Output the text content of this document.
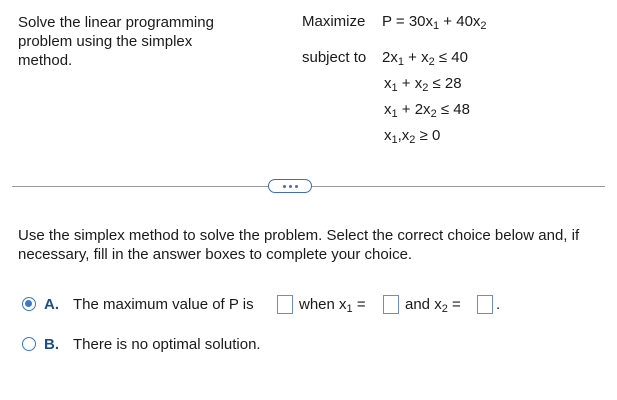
Solve the linear programming problem using the simplex method.
Maximize $P = 30x_1 + 40x_2$
subject to $2x_1 + x_2 \le 40$
$x_1 + x_2 \le 28$
$x_1 + 2x_2 \le 48$
$x_1,x_2 \ge 0$
Use the simplex method to solve the problem. Select the correct choice below and, if necessary, fill in the answer boxes to complete your choice.
A. The maximum value of P is	when $x_1$ =	and $x_2$ = .
B. There is no optimal solution.
